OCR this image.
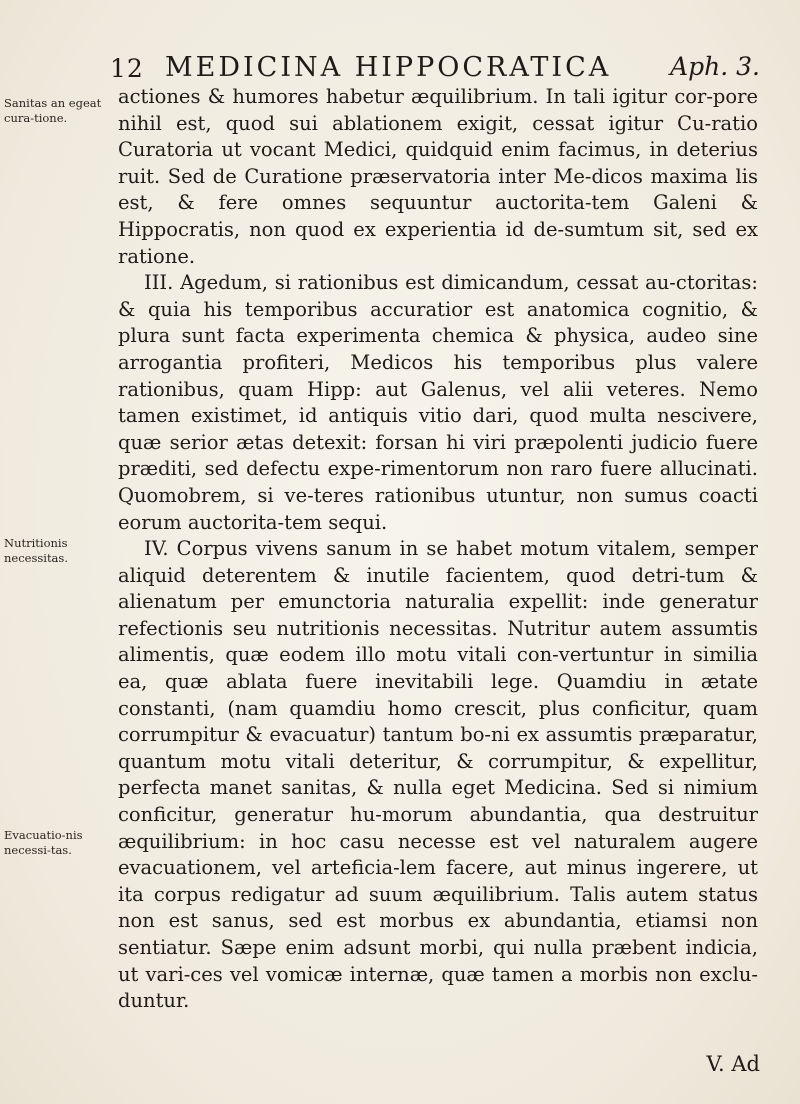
12 MEDICINA HIPPOCRATICA Aph. 3.
Sanitas an egeat cura-tione.
Nutritionis necessitas.
Evacuatio-nis necessi-tas.

actiones & humores habetur æquilibrium. In tali igitur cor-pore nihil est, quod sui ablationem exigit, cessat igitur Cu-ratio Curatoria ut vocant Medici, quidquid enim facimus, in deterius ruit. Sed de Curatione præservatoria inter Me-dicos maxima lis est, & fere omnes sequuntur auctorita-tem Galeni & Hippocratis, non quod ex experientia id de-sumtum sit, sed ex ratione.

III. Agedum, si rationibus est dimicandum, cessat au-ctoritas: & quia his temporibus accuratior est anatomica cognitio, & plura sunt facta experimenta chemica & physica, audeo sine arrogantia profiteri, Medicos his temporibus plus valere rationibus, quam Hipp: aut Galenus, vel alii veteres. Nemo tamen existimet, id antiquis vitio dari, quod multa nescivere, quæ serior ætas detexit: forsan hi viri præpolenti judicio fuere præditi, sed defectu expe-rimentorum non raro fuere allucinati. Quomobrem, si ve-teres rationibus utuntur, non sumus coacti eorum auctorita-tem sequi.

IV. Corpus vivens sanum in se habet motum vitalem, semper aliquid deterentem & inutile facientem, quod detri-tum & alienatum per emunctoria naturalia expellit: inde generatur refectionis seu nutritionis necessitas. Nutritur autem assumtis alimentis, quæ eodem illo motu vitali con-vertuntur in similia ea, quæ ablata fuere inevitabili lege. Quamdiu in ætate constanti, (nam quamdiu homo crescit, plus conficitur, quam corrumpitur & evacuatur) tantum bo-ni ex assumtis præparatur, quantum motu vitali deteritur, & corrumpitur, & expellitur, perfecta manet sanitas, & nulla eget Medicina. Sed si nimium conficitur, generatur hu-morum abundantia, qua destruitur æquilibrium: in hoc casu necesse est vel naturalem augere evacuationem, vel arteficia-lem facere, aut minus ingerere, ut ita corpus redigatur ad suum æquilibrium. Talis autem status non est sanus, sed est morbus ex abundantia, etiamsi non sentiatur. Sæpe enim adsunt morbi, qui nulla præbent indicia, ut vari-ces vel vomicæ internæ, quæ tamen a morbis non exclu-duntur.

V. Ad
